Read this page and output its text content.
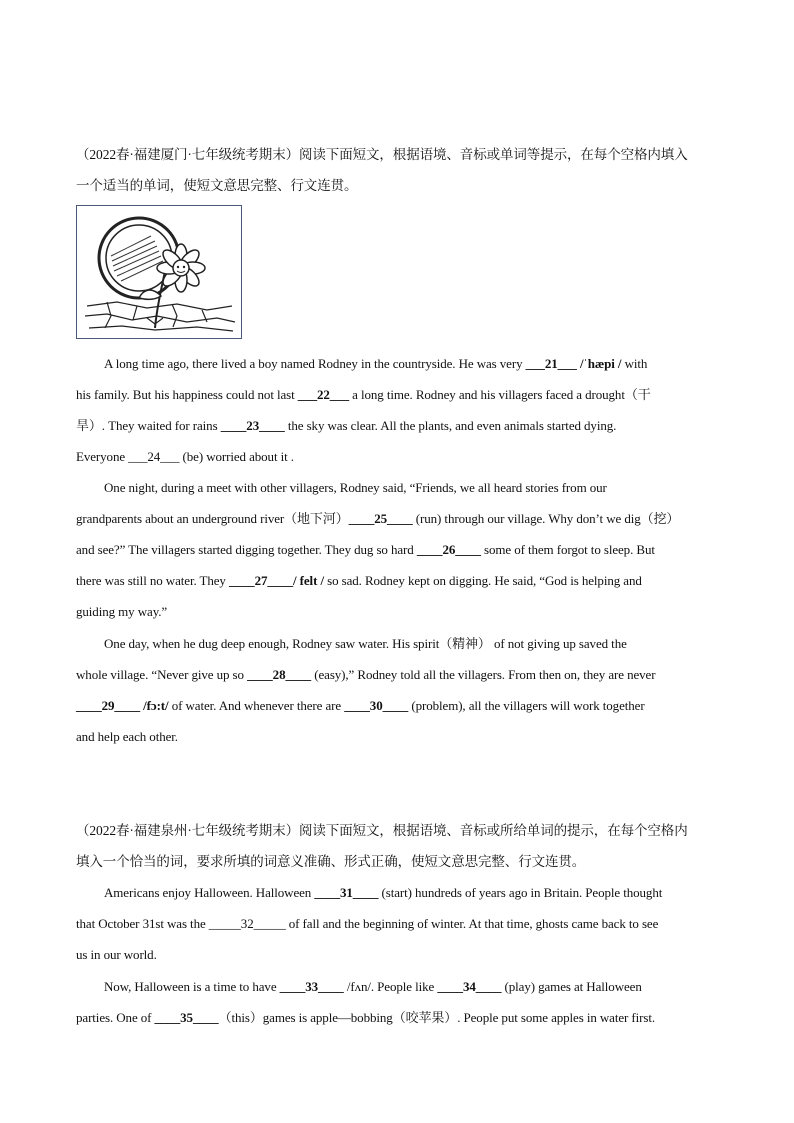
（2022春·福建厦门·七年级统考期末）阅读下面短文，根据语境、音标或单词等提示，在每个空格内填入
一个适当的单词，使短文意思完整、行文连贯。

A long time ago, there lived a boy named Rodney in the countryside. He was very ___21___ /ˈhæpi / with
his family. But his happiness could not last ___22___ a long time. Rodney and his villagers faced a drought（干
旱）. They waited for rains ____23____ the sky was clear. All the plants, and even animals started dying.
Everyone ___24___ (be) worried about it .

One night, during a meet with other villagers, Rodney said, “Friends, we all heard stories from our
grandparents about an underground river（地下河）____25____ (run) through our village. Why don’t we dig（挖）
and see?” The villagers started digging together. They dug so hard ____26____ some of them forgot to sleep. But
there was still no water. They ____27____/ felt / so sad. Rodney kept on digging. He said, “God is helping and
guiding my way.”

One day, when he dug deep enough, Rodney saw water. His spirit（精神） of not giving up saved the
whole village. “Never give up so ____28____ (easy),” Rodney told all the villagers. From then on, they are never
____29____ /fɔ:t/ of water. And whenever there are ____30____ (problem), all the villagers will work together
and help each other.

（2022春·福建泉州·七年级统考期末）阅读下面短文，根据语境、音标或所给单词的提示，在每个空格内
填入一个恰当的词，要求所填的词意义准确、形式正确，使短文意思完整、行文连贯。

Americans enjoy Halloween. Halloween ____31____ (start) hundreds of years ago in Britain. People thought
that October 31st was the _____32_____ of fall and the beginning of winter. At that time, ghosts came back to see
us in our world.

Now, Halloween is a time to have ____33____ /fʌn/. People like ____34____ (play) games at Halloween
parties. One of ____35____（this）games is apple—bobbing（咬苹果）. People put some apples in water first.
